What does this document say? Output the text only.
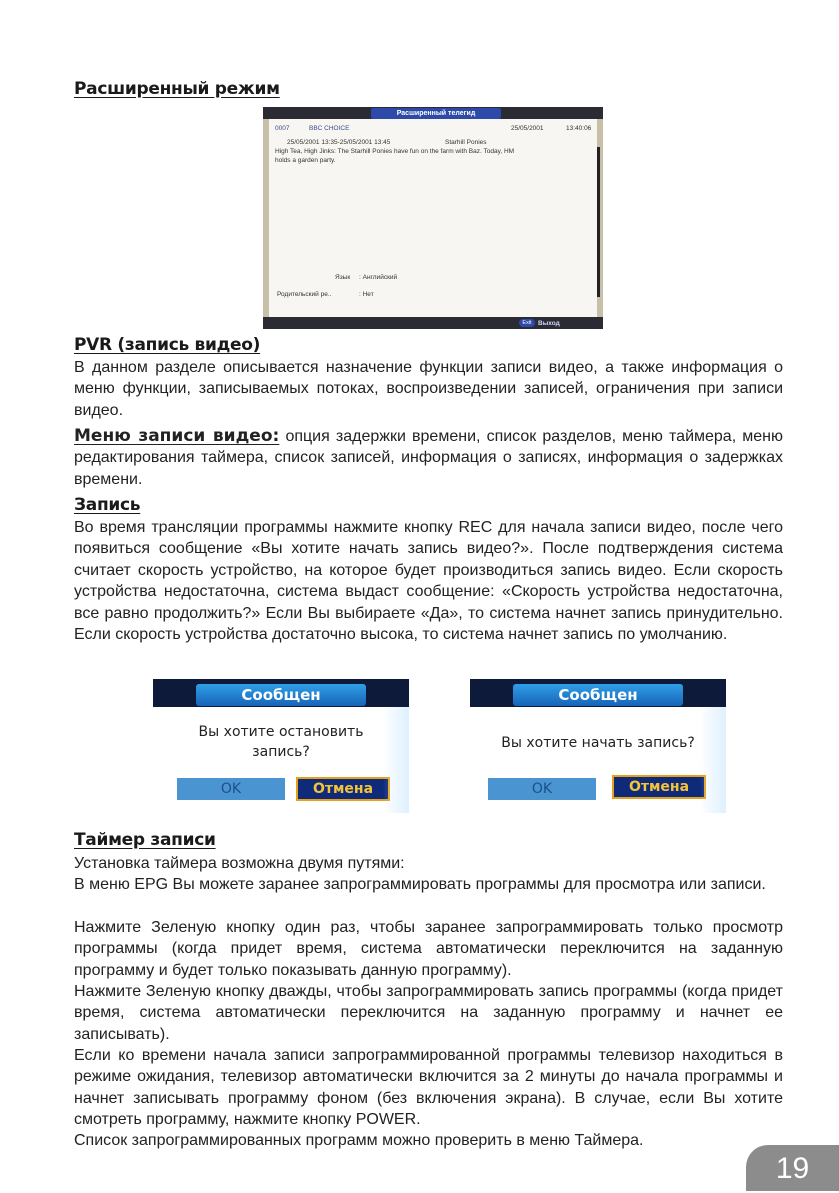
Расширенный режим
Расширенный телегид
0007	BBC CHOICE	25/05/2001	13:40:06
25/05/2001 13:35-25/05/2001 13:45	Starhill Ponies
High Tea, High Jinks: The Starhill Ponies have fun on the farm with Baz. Today, HM
holds a garden party.
Язык : Английский
Родительский ре..	: Нет
Exit Выход
PVR (запись видео)

В данном разделе описывается назначение функции записи видео, а также информация о меню функции, записываемых потоках, воспроизведении записей, ограничения при записи видео.

Меню записи видео: опция задержки времени, список разделов, меню таймера, меню редактирования таймера, список записей, информация о записях, информация о задержках времени.

Запись

Во время трансляции программы нажмите кнопку REC для начала записи видео, после чего появиться сообщение «Вы хотите начать запись видео?». После подтверждения система считает скорость устройство, на которое будет производиться запись видео. Если скорость устройства недостаточна, система выдаст сообщение: «Скорость устройства недостаточна, все равно продолжить?» Если Вы выбираете «Да», то система начнет запись принудительно. Если скорость устройства достаточно высока, то система начнет запись по умолчанию.

Сообщен
Вы хотите остановить
запись?
OK	Отмена
Сообщен
Вы хотите начать запись?
OK	Отмена
Таймер записи

Установка таймера возможна двумя путями:

В меню EPG Вы можете заранее запрограммировать программы для просмотра или записи.

Нажмите Зеленую кнопку один раз, чтобы заранее запрограммировать только просмотр программы (когда придет время, система автоматически переключится на заданную программу и будет только показывать данную программу).

Нажмите Зеленую кнопку дважды, чтобы запрограммировать запись программы (когда придет время, система автоматически переключится на заданную программу и начнет ее записывать).

Если ко времени начала записи запрограммированной программы телевизор находиться в режиме ожидания, телевизор автоматически включится за 2 минуты до начала программы и начнет записывать программу фоном (без включения экрана). В случае, если Вы хотите смотреть программу, нажмите кнопку POWER.

Список запрограммированных программ можно проверить в меню Таймера.

19
